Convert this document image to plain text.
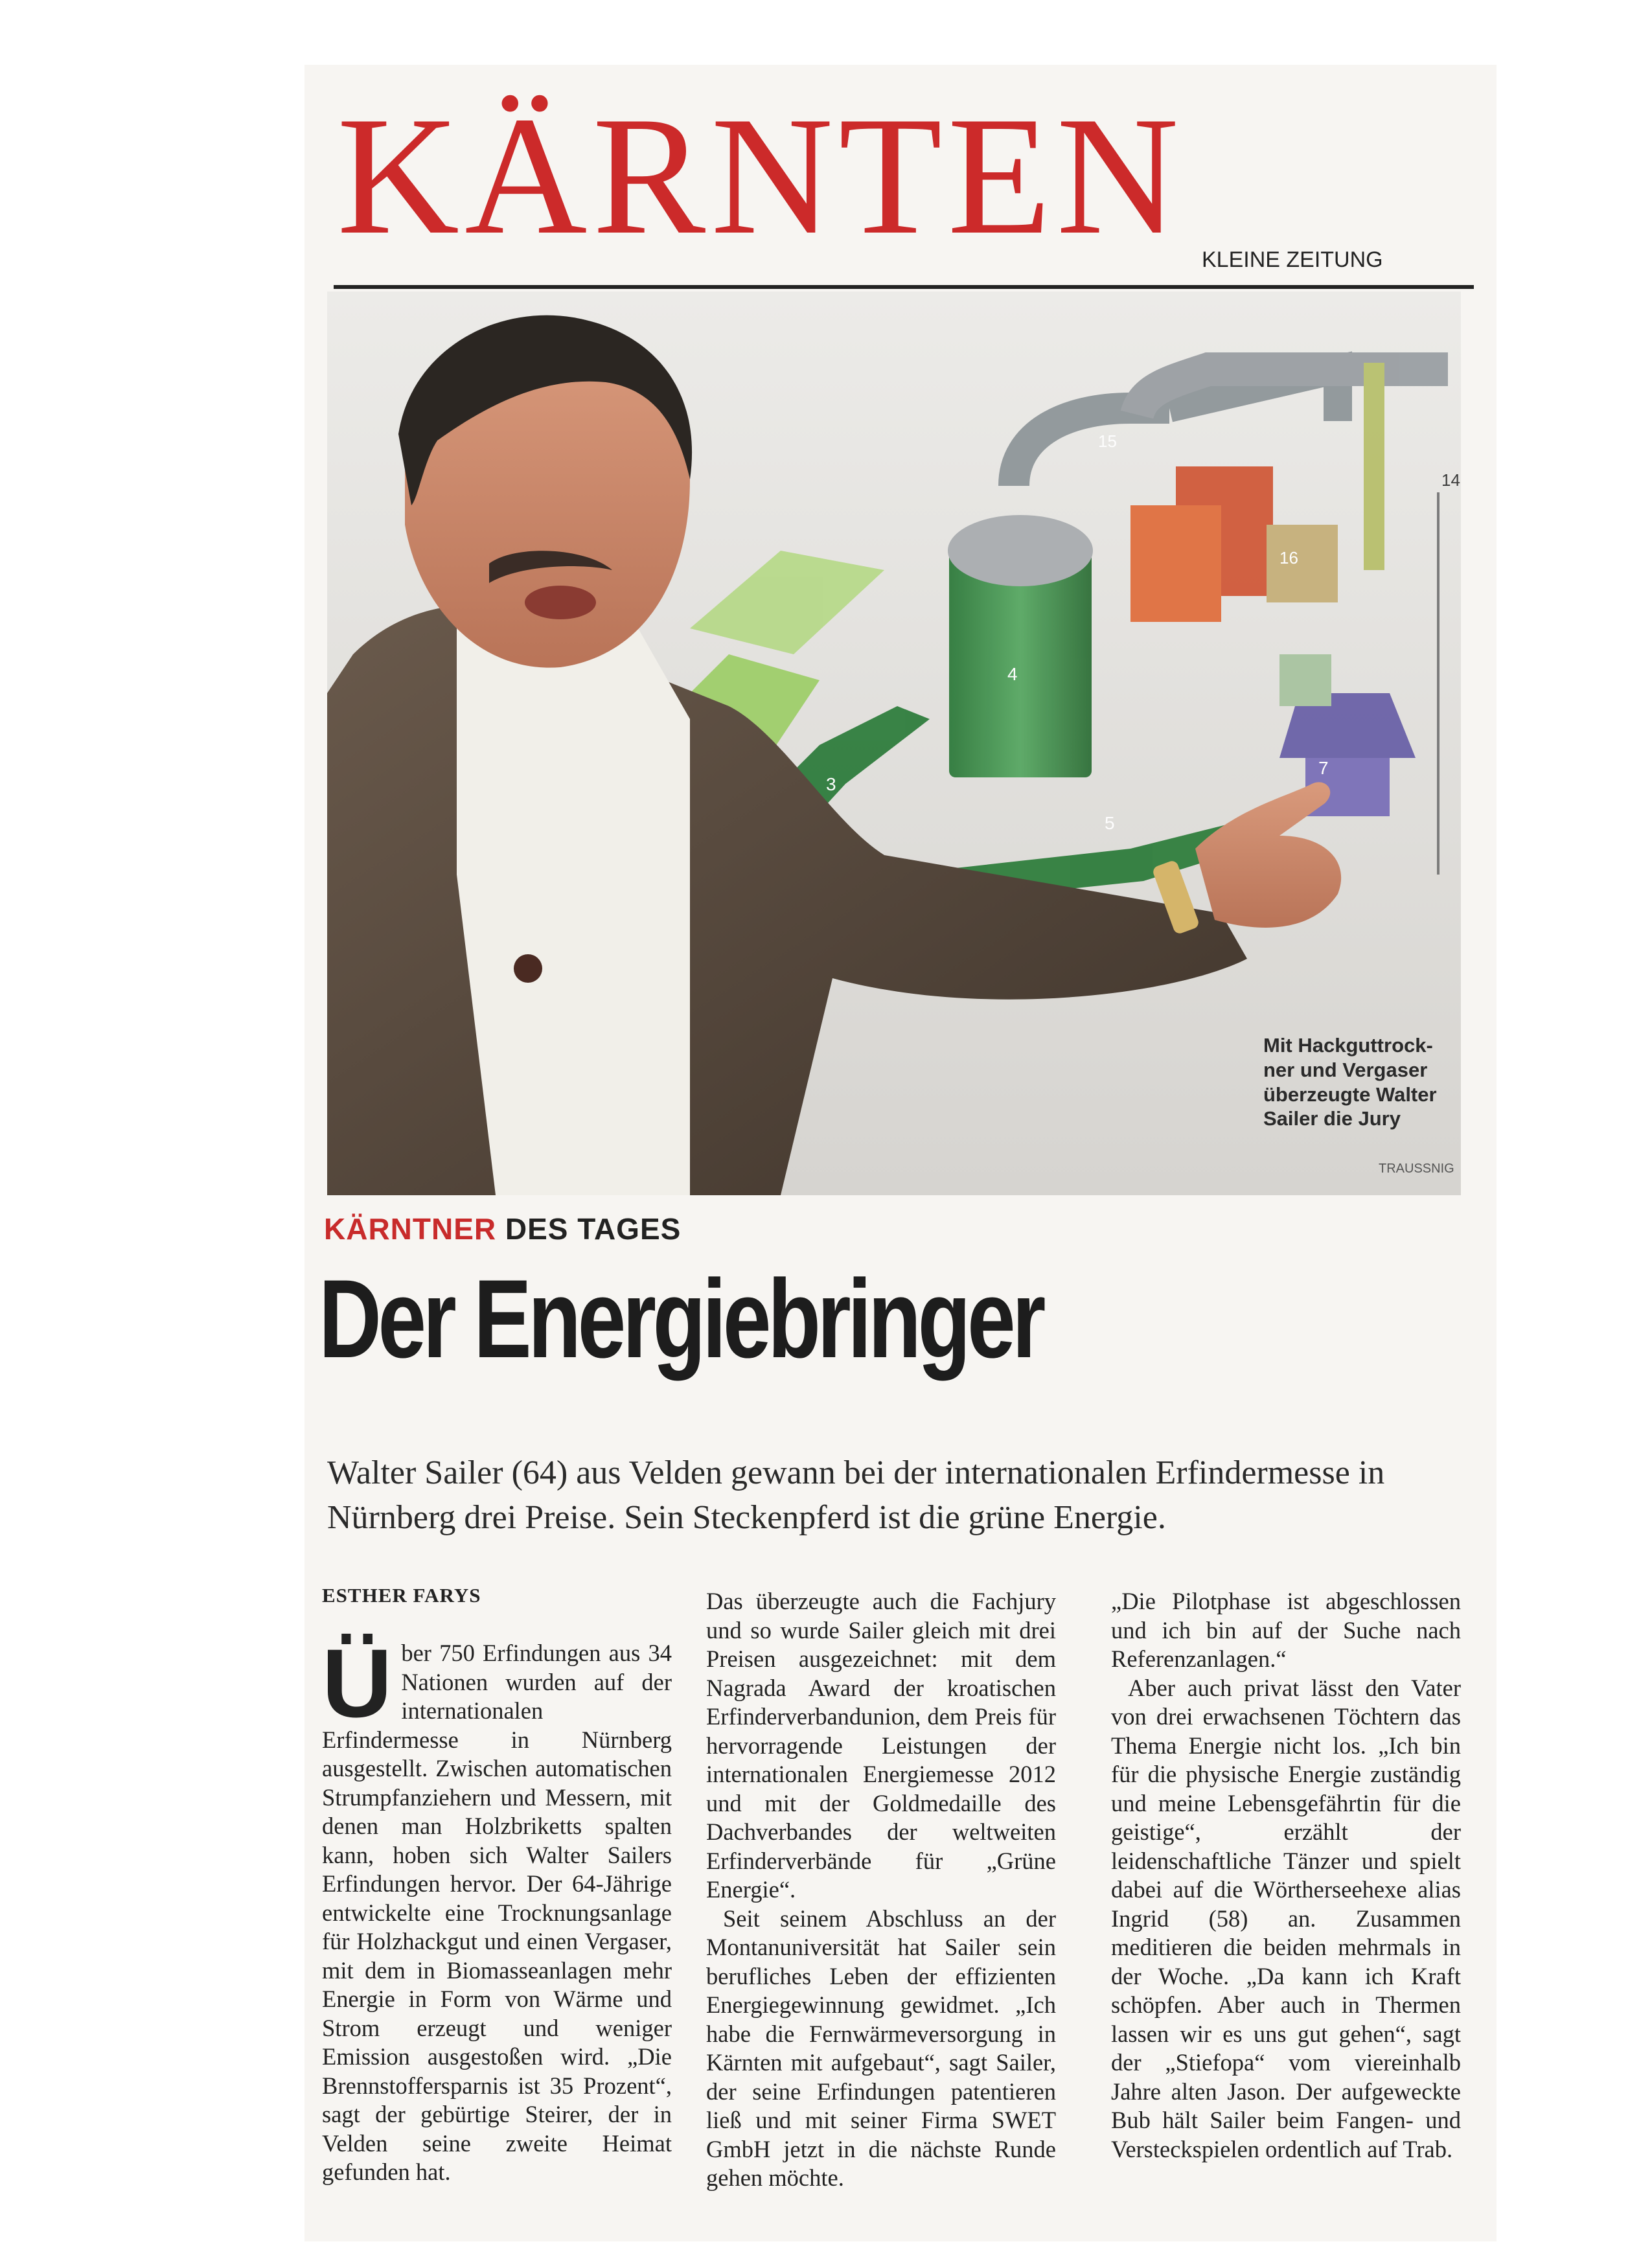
KÄRNTEN KLEINE ZEITUNG
4
3
5
7
14
15
16
Mit Hackguttrock-ner und Vergaser überzeugte Walter Sailer die Jury
TRAUSSNIG
KÄRNTNER DES TAGES
Der Energiebringer
Walter Sailer (64) aus Velden gewann bei der internationalen Erfindermesse in Nürnberg drei Preise. Sein Steckenpferd ist die grüne Energie.
ESTHER FARYS

Über 750 Erfindungen aus 34 Nationen wurden auf der internationalen Erfindermesse in Nürnberg ausgestellt. Zwischen automatischen Strumpfanziehern und Messern, mit denen man Holzbriketts spalten kann, hoben sich Walter Sailers Erfindungen hervor. Der 64-Jährige entwickelte eine Trocknungsanlage für Holzhackgut und einen Vergaser, mit dem in Biomasseanlagen mehr Energie in Form von Wärme und Strom erzeugt und weniger Emission ausgestoßen wird. „Die Brennstoffersparnis ist 35 Prozent“, sagt der gebürtige Steirer, der in Velden seine zweite Heimat gefunden hat.

Das überzeugte auch die Fachjury und so wurde Sailer gleich mit drei Preisen ausgezeichnet: mit dem Nagrada Award der kroatischen Erfinderverbandunion, dem Preis für hervorragende Leistungen der internationalen Energiemesse 2012 und mit der Goldmedaille des Dachverbandes der weltweiten Erfinderverbände für „Grüne Energie“.

Seit seinem Abschluss an der Montanuniversität hat Sailer sein berufliches Leben der effizienten Energiegewinnung gewidmet. „Ich habe die Fernwärmeversorgung in Kärnten mit aufgebaut“, sagt Sailer, der seine Erfindungen patentieren ließ und mit seiner Firma SWET GmbH jetzt in die nächste Runde gehen möchte.

„Die Pilotphase ist abgeschlossen und ich bin auf der Suche nach Referenzanlagen.“

Aber auch privat lässt den Vater von drei erwachsenen Töchtern das Thema Energie nicht los. „Ich bin für die physische Energie zuständig und meine Lebensgefährtin für die geistige“, erzählt der leidenschaftliche Tänzer und spielt dabei auf die Wörtherseehexe alias Ingrid (58) an. Zusammen meditieren die beiden mehrmals in der Woche. „Da kann ich Kraft schöpfen. Aber auch in Thermen lassen wir es uns gut gehen“, sagt der „Stiefopa“ vom viereinhalb Jahre alten Jason. Der aufgeweckte Bub hält Sailer beim Fangen- und Versteckspielen ordentlich auf Trab.
